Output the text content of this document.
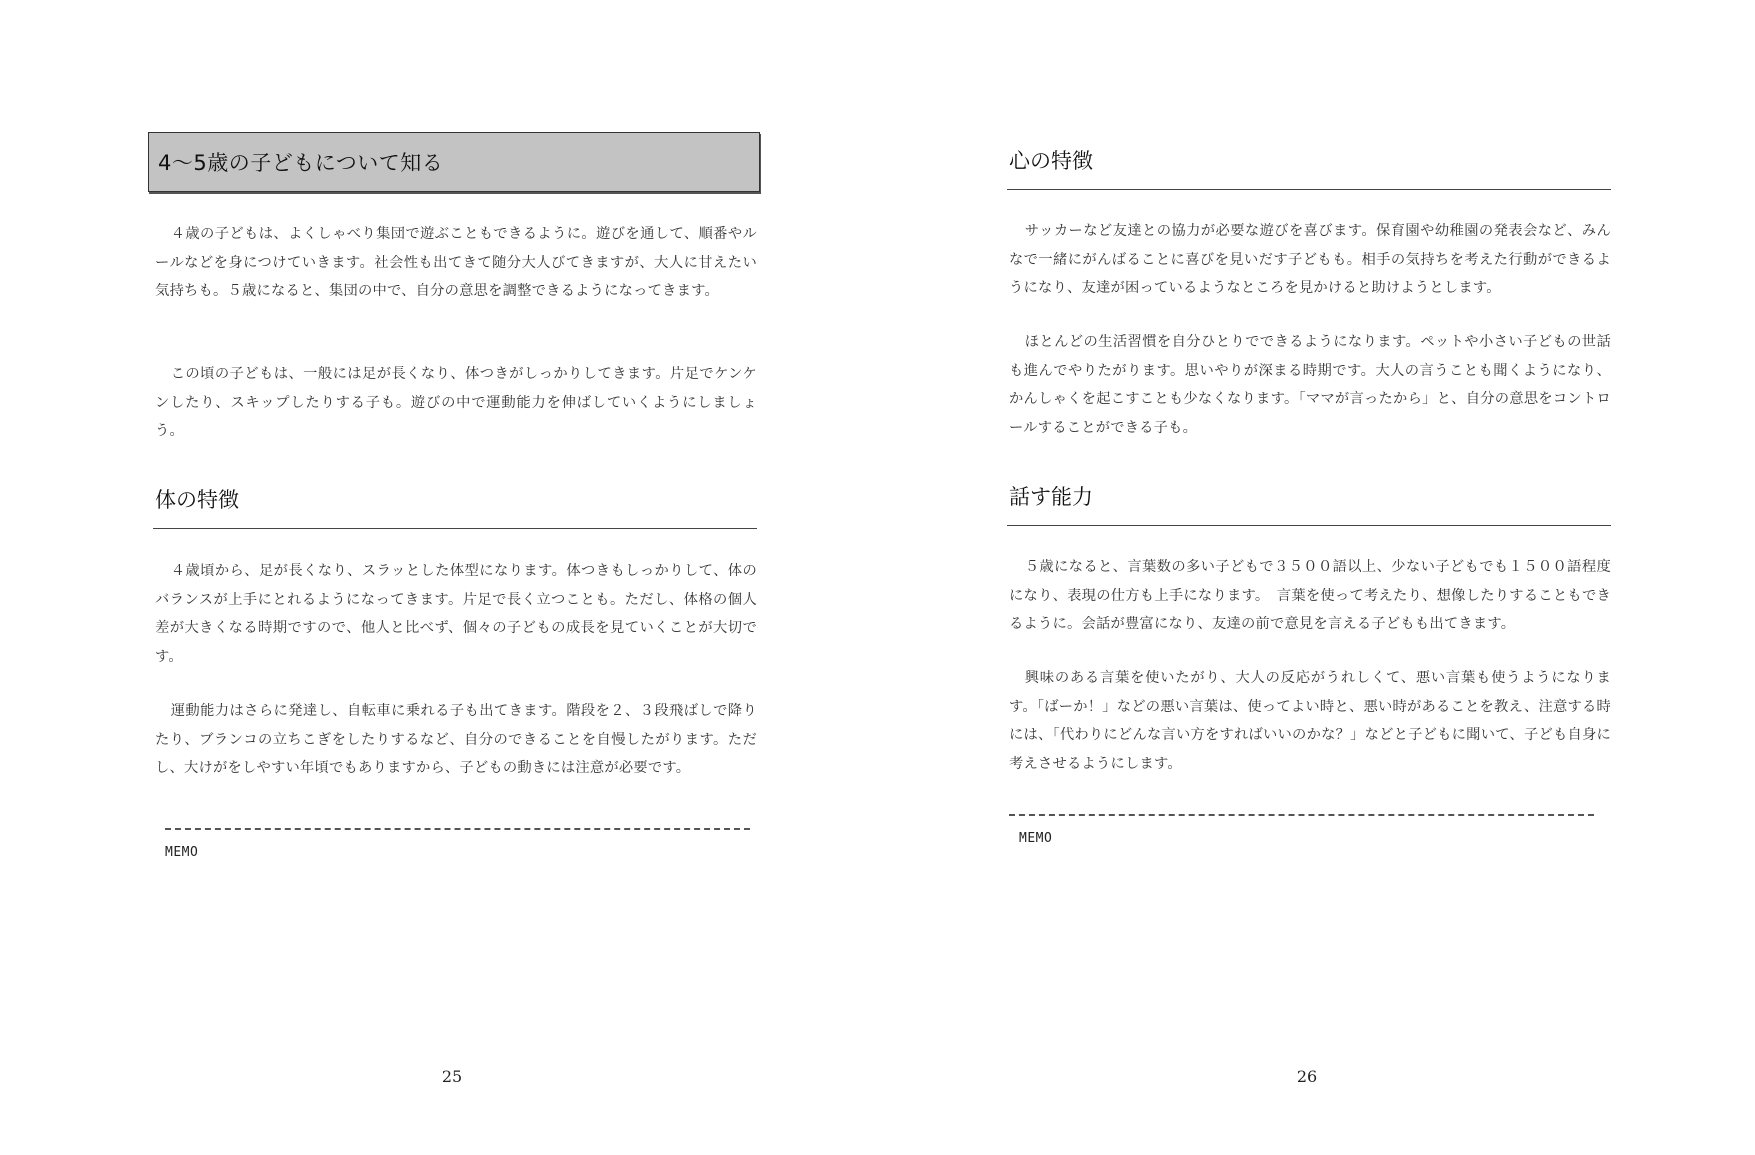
4～5歳の子どもについて知る

４歳の子どもは、よくしゃべり集団で遊ぶこともできるように。遊びを通して、順番やルールなどを身につけていきます。社会性も出てきて随分大人びてきますが、大人に甘えたい気持ちも。５歳になると、集団の中で、自分の意思を調整できるようになってきます。

この頃の子どもは、一般には足が長くなり、体つきがしっかりしてきます。片足でケンケンしたり、スキップしたりする子も。遊びの中で運動能力を伸ばしていくようにしましょう。

体の特徴

４歳頃から、足が長くなり、スラッとした体型になります。体つきもしっかりして、体のバランスが上手にとれるようになってきます。片足で長く立つことも。ただし、体格の個人差が大きくなる時期ですので、他人と比べず、個々の子どもの成長を見ていくことが大切です。

運動能力はさらに発達し、自転車に乗れる子も出てきます。階段を２、３段飛ばしで降りたり、ブランコの立ちこぎをしたりするなど、自分のできることを自慢したがります。ただし、大けがをしやすい年頃でもありますから、子どもの動きには注意が必要です。

MEMO
25
心の特徴

サッカーなど友達との協力が必要な遊びを喜びます。保育園や幼稚園の発表会など、みんなで一緒にがんばることに喜びを見いだす子どもも。相手の気持ちを考えた行動ができるようになり、友達が困っているようなところを見かけると助けようとします。

ほとんどの生活習慣を自分ひとりでできるようになります。ペットや小さい子どもの世話も進んでやりたがります。思いやりが深まる時期です。大人の言うことも聞くようになり、かんしゃくを起こすことも少なくなります。「ママが言ったから」と、自分の意思をコントロールすることができる子も。

話す能力

５歳になると、言葉数の多い子どもで３５００語以上、少ない子どもでも１５００語程度になり、表現の仕方も上手になります。　言葉を使って考えたり、想像したりすることもできるように。会話が豊富になり、友達の前で意見を言える子どもも出てきます。

興味のある言葉を使いたがり、大人の反応がうれしくて、悪い言葉も使うようになります。「ばーか！」などの悪い言葉は、使ってよい時と、悪い時があることを教え、注意する時には、「代わりにどんな言い方をすればいいのかな？」などと子どもに聞いて、子ども自身に考えさせるようにします。

MEMO
26
